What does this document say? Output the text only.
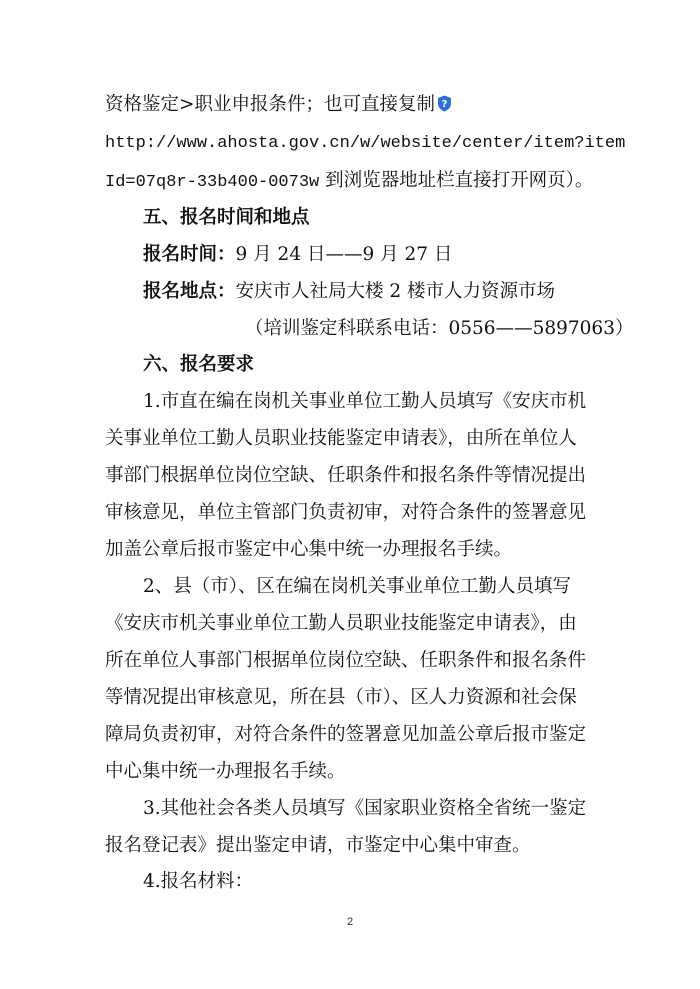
资格鉴定>职业申报条件；也可直接复制 ?
http://www.ahosta.gov.cn/w/website/center/item?item
Id=07q8r-33b400-0073w 到浏览器地址栏直接打开网页）。
五、报名时间和地点
报名时间：9 月 24 日——9 月 27 日
报名地点：安庆市人社局大楼 2 楼市人力资源市场
（培训鉴定科联系电话：0556——5897063）
六、报名要求
1.市直在编在岗机关事业单位工勤人员填写《安庆市机
关事业单位工勤人员职业技能鉴定申请表》，由所在单位人
事部门根据单位岗位空缺、任职条件和报名条件等情况提出
审核意见，单位主管部门负责初审，对符合条件的签署意见
加盖公章后报市鉴定中心集中统一办理报名手续。
2、县（市）、区在编在岗机关事业单位工勤人员填写
《安庆市机关事业单位工勤人员职业技能鉴定申请表》，由
所在单位人事部门根据单位岗位空缺、任职条件和报名条件
等情况提出审核意见，所在县（市）、区人力资源和社会保
障局负责初审，对符合条件的签署意见加盖公章后报市鉴定
中心集中统一办理报名手续。
3.其他社会各类人员填写《国家职业资格全省统一鉴定
报名登记表》提出鉴定申请，市鉴定中心集中审查。
4.报名材料：
2
